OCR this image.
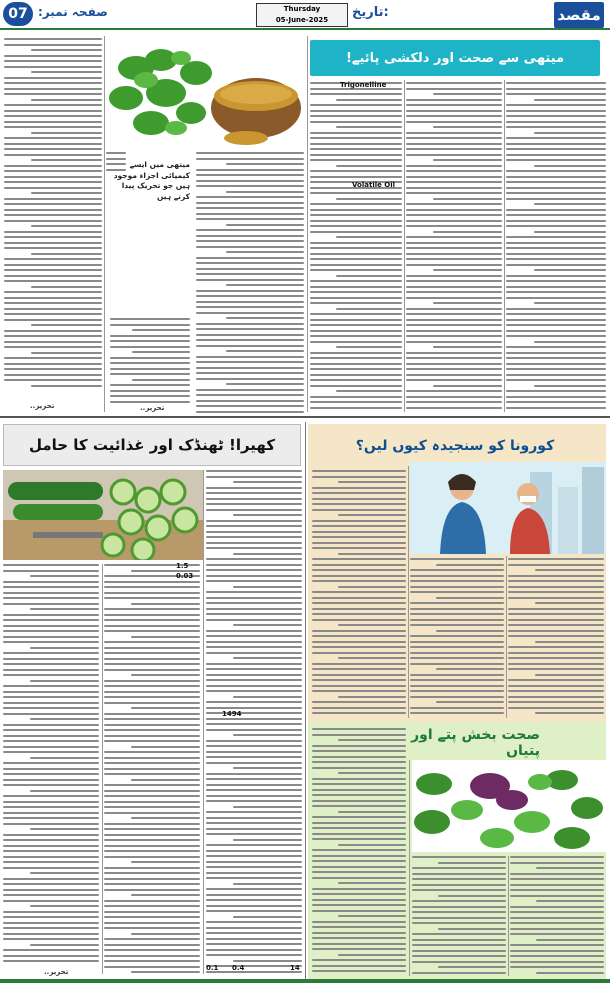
مقصد
تاریخ:
Thursday
05-June-2025
صفحہ نمبر:
07
تحریر..
میتھی میں ایسے کیمیائی اجزاء موجود ہیں جو تحریک پیدا کرتے ہیں
تحریر..
میتھی سے صحت اور دلکشی پائیے!
Trigonelline
Volatile Oil
کھیرا! ٹھنڈک اور غذائیت کا حامل
تحریر..
1494
0.03
1.5
0.4
0.1	14
کورونا کو سنجیدہ کیوں لیں؟
صحت بخش پتے اور پتیاں
